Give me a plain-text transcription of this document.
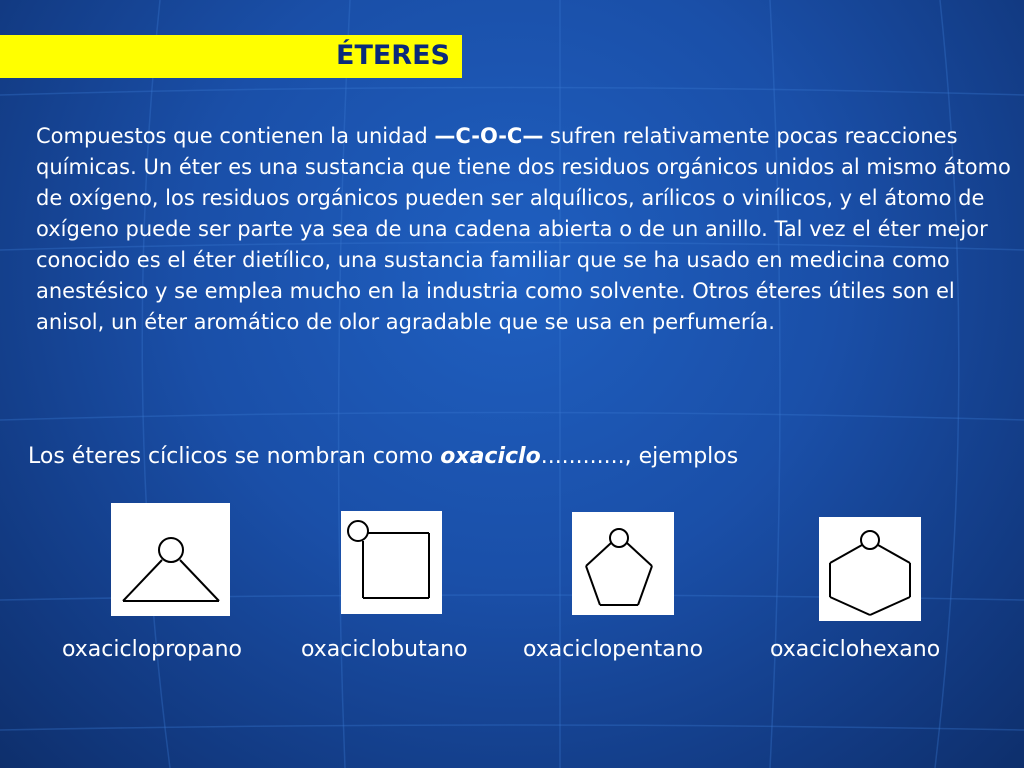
ÉTERES
Compuestos que contienen la unidad —C-O-C— sufren relativamente pocas reacciones químicas. Un éter es una sustancia que tiene dos residuos orgánicos unidos al mismo átomo de oxígeno, los residuos orgánicos pueden ser alquílicos, arílicos o vinílicos, y el átomo de oxígeno puede ser parte ya sea de una cadena abierta o de un anillo. Tal vez el éter mejor conocido es el éter dietílico, una sustancia familiar que se ha usado en medicina como anestésico y se emplea mucho en la industria como solvente. Otros éteres útiles son el anisol, un éter aromático de olor agradable que se usa en perfumería.
Los éteres cíclicos se nombran como oxaciclo............, ejemplos
oxaciclopropano	oxaciclobutano	oxaciclopentano	oxaciclohexano
